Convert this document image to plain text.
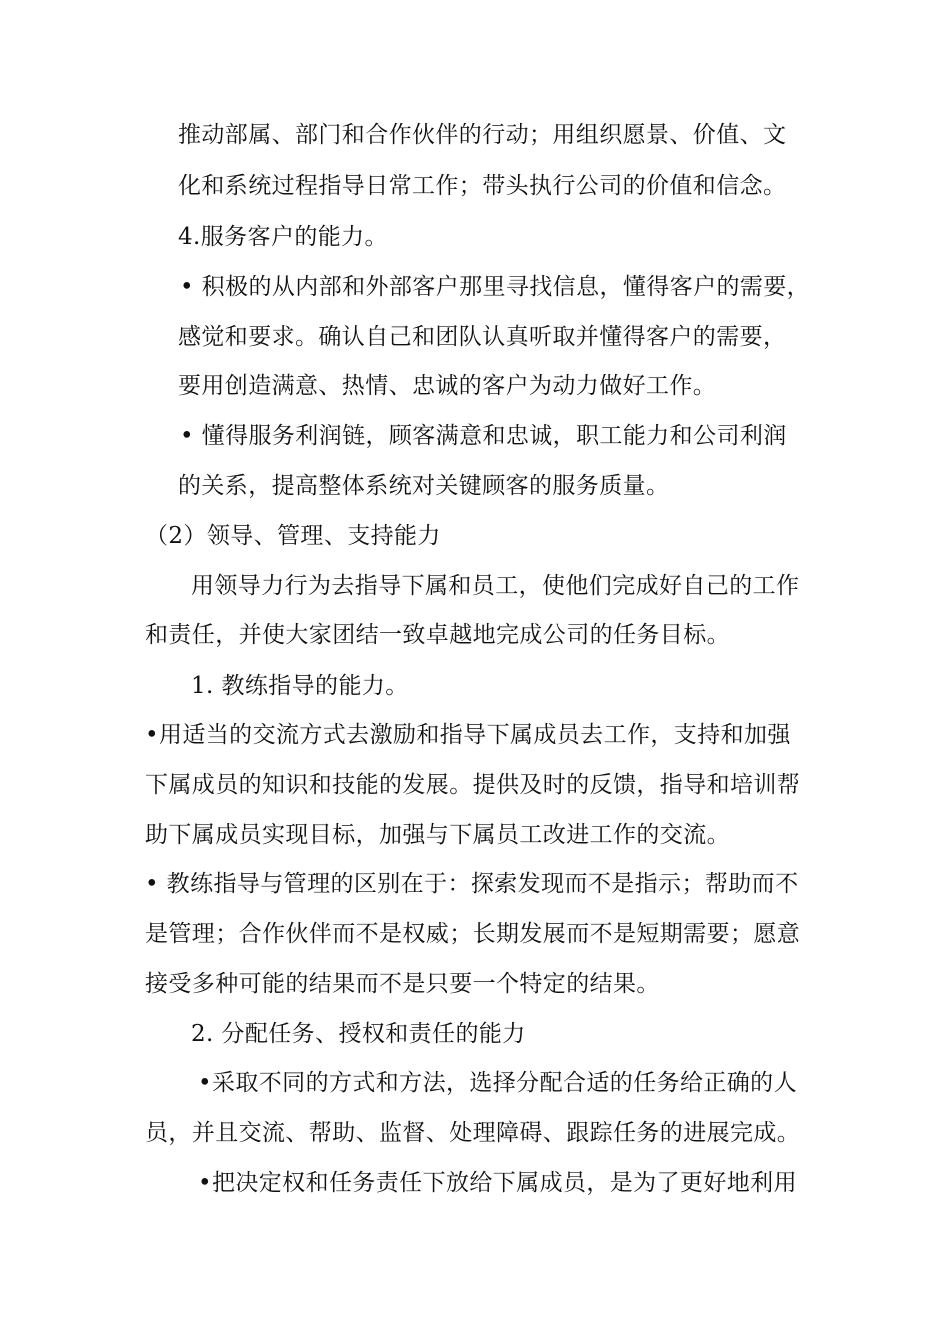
推动部属、部门和合作伙伴的行动；用组织愿景、价值、文

化和系统过程指导日常工作；带头执行公司的价值和信念。

4.服务客户的能力。

• 积极的从内部和外部客户那里寻找信息，懂得客户的需要，

感觉和要求。确认自己和团队认真听取并懂得客户的需要，

要用创造满意、热情、忠诚的客户为动力做好工作。

• 懂得服务利润链，顾客满意和忠诚，职工能力和公司利润

的关系，提高整体系统对关键顾客的服务质量。

（2）领导、管理、支持能力

用领导力行为去指导下属和员工，使他们完成好自己的工作

和责任，并使大家团结一致卓越地完成公司的任务目标。

1. 教练指导的能力。

•用适当的交流方式去激励和指导下属成员去工作，支持和加强

下属成员的知识和技能的发展。提供及时的反馈，指导和培训帮

助下属成员实现目标，加强与下属员工改进工作的交流。

• 教练指导与管理的区别在于：探索发现而不是指示；帮助而不

是管理；合作伙伴而不是权威；长期发展而不是短期需要；愿意

接受多种可能的结果而不是只要一个特定的结果。

2. 分配任务、授权和责任的能力

•采取不同的方式和方法，选择分配合适的任务给正确的人

员，并且交流、帮助、监督、处理障碍、跟踪任务的进展完成。

•把决定权和任务责任下放给下属成员，是为了更好地利用
